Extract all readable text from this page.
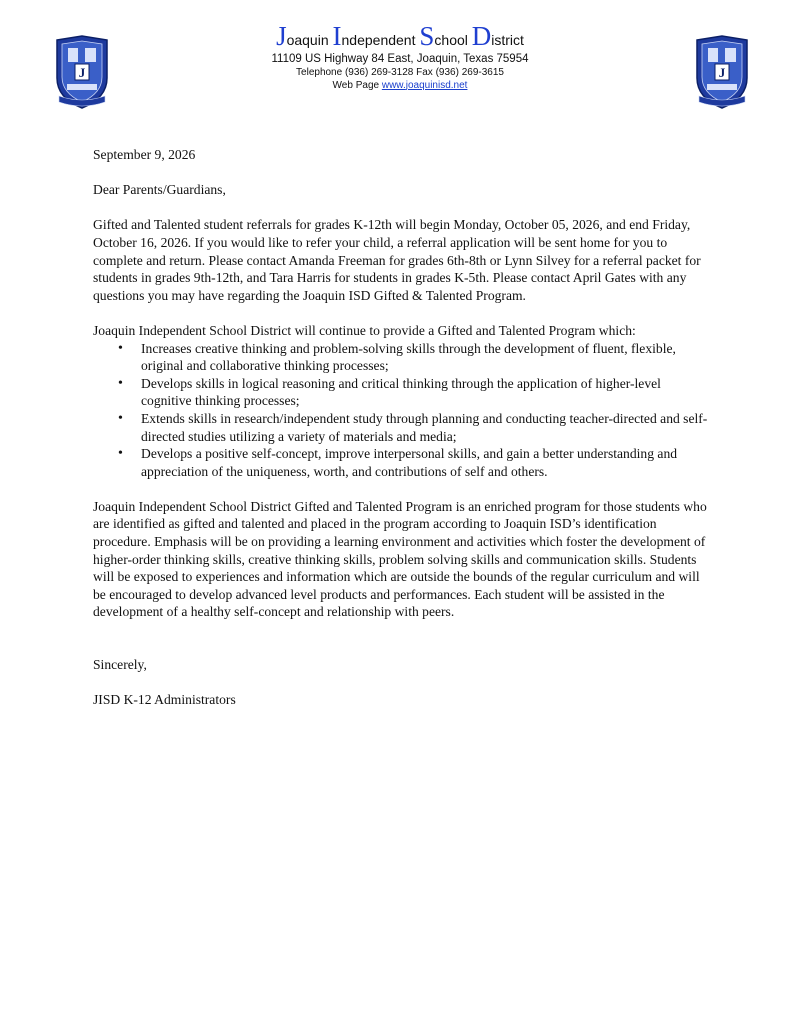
J
Joaquin Independent School District
11109 US Highway 84 East, Joaquin, Texas 75954
Telephone (936) 269-3128 Fax (936) 269-3615
Web Page www.joaquinisd.net
J

September 9, 2026

Dear Parents/Guardians,

Gifted and Talented student referrals for grades K-12th will begin Monday, October 05, 2026, and end Friday, October 16, 2026. If you would like to refer your child, a referral application will be sent home for you to complete and return. Please contact Amanda Freeman for grades 6th-8th or Lynn Silvey for a referral packet for students in grades 9th-12th, and Tara Harris for students in grades K-5th. Please contact April Gates with any questions you may have regarding the Joaquin ISD Gifted & Talented Program.

Joaquin Independent School District will continue to provide a Gifted and Talented Program which:

• Increases creative thinking and problem-solving skills through the development of fluent, flexible, original and collaborative thinking processes;
• Develops skills in logical reasoning and critical thinking through the application of higher-level cognitive thinking processes;
• Extends skills in research/independent study through planning and conducting teacher-directed and self-directed studies utilizing a variety of materials and media;
• Develops a positive self-concept, improve interpersonal skills, and gain a better understanding and appreciation of the uniqueness, worth, and contributions of self and others.

Joaquin Independent School District Gifted and Talented Program is an enriched program for those students who are identified as gifted and talented and placed in the program according to Joaquin ISD’s identification procedure. Emphasis will be on providing a learning environment and activities which foster the development of higher-order thinking skills, creative thinking skills, problem solving skills and communication skills. Students will be exposed to experiences and information which are outside the bounds of the regular curriculum and will be encouraged to develop advanced level products and performances. Each student will be assisted in the development of a healthy self-concept and relationship with peers.

Sincerely,

JISD K-12 Administrators
